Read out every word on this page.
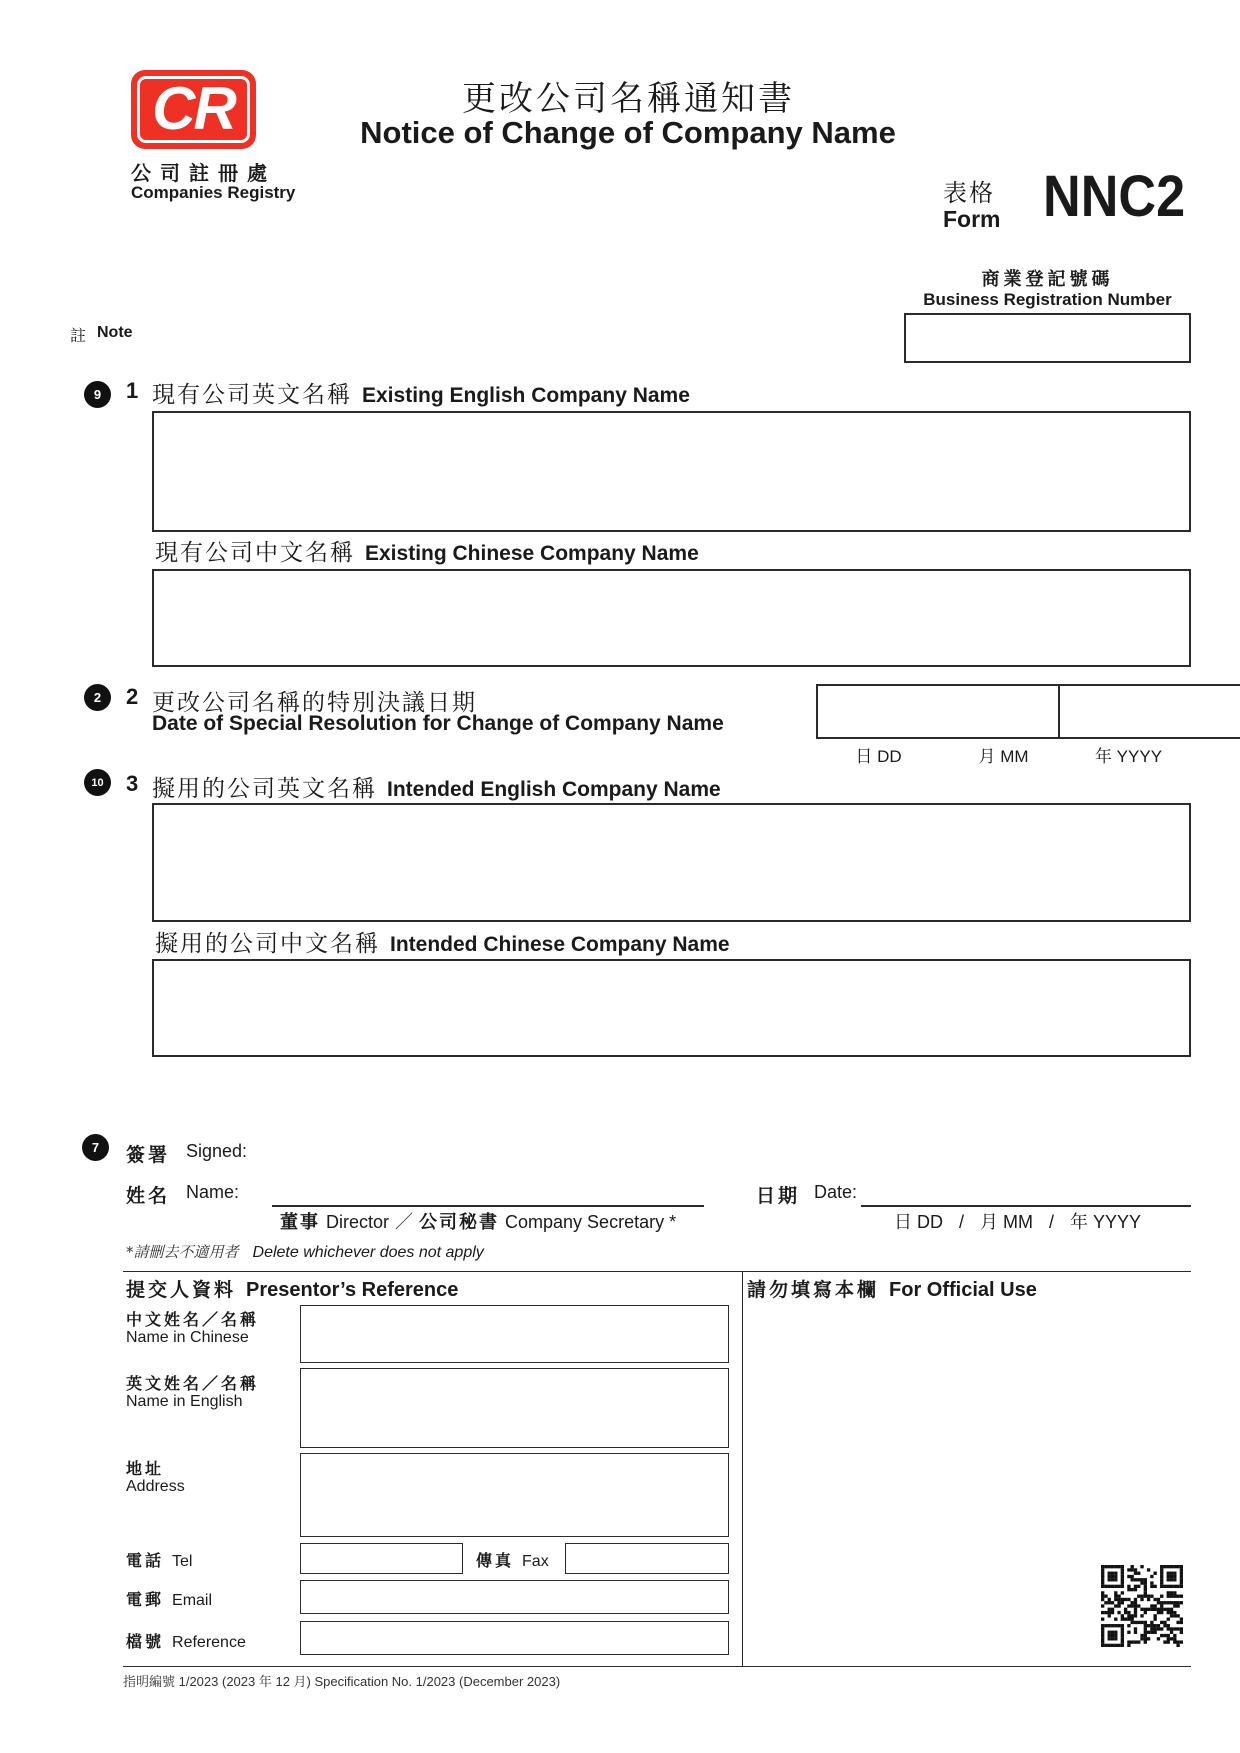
CR
公司註冊處
Companies Registry
更改公司名稱通知書
Notice of Change of Company Name
表格
Form NNC2
商業登記號碼
Business Registration Number
註 Note
9	1 現有公司英文名稱 Existing English Company Name
現有公司中文名稱 Existing Chinese Company Name
2	2 更改公司名稱的特別決議日期
Date of Special Resolution for Change of Company Name
日 DD	月 MM	年 YYYY
10	3 擬用的公司英文名稱 Intended English Company Name
擬用的公司中文名稱 Intended Chinese Company Name
7	簽署 Signed:
姓名 Name:
董事 Director ／ 公司秘書 Company Secretary *
日期 Date:
日 DD / 月 MM / 年 YYYY
*請刪去不適用者 Delete whichever does not apply
提交人資料 Presentor’s Reference	請勿填寫本欄 For Official Use
中文姓名／名稱
Name in Chinese
英文姓名／名稱
Name in English
地址
Address
電話 Tel	傳真 Fax
電郵 Email
檔號 Reference
指明編號 1/2023 (2023 年 12 月) Specification No. 1/2023 (December 2023)
